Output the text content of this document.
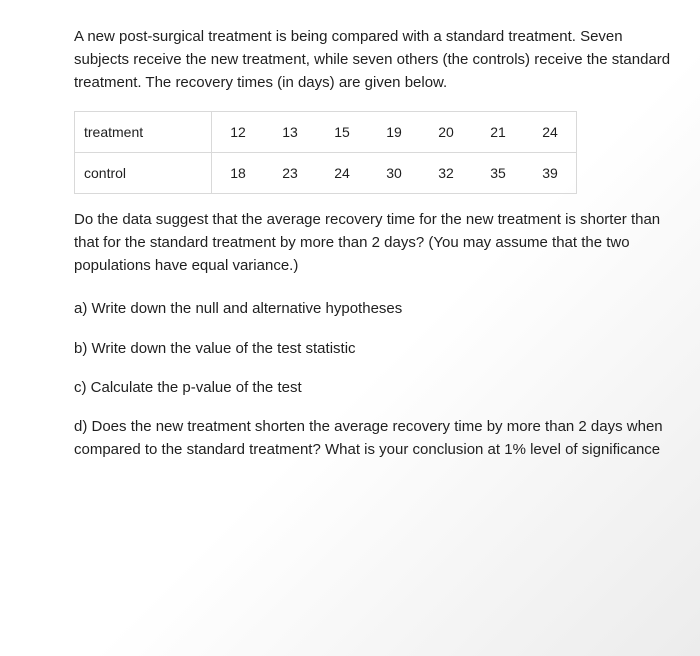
A new post-surgical treatment is being compared with a standard treatment. Seven subjects receive the new treatment, while seven others (the controls) receive the standard treatment. The recovery times (in days) are given below.

treatment	12	13	15	19	20	21	24
control	18	23	24	30	32	35	39

Do the data suggest that the average recovery time for the new treatment is shorter than that for the standard treatment by more than 2 days? (You may assume that the two populations have equal variance.)

a) Write down the null and alternative hypotheses

b) Write down the value of the test statistic

c) Calculate the p-value of the test

d) Does the new treatment shorten the average recovery time by more than 2 days when compared to the standard treatment? What is your conclusion at 1% level of significance
